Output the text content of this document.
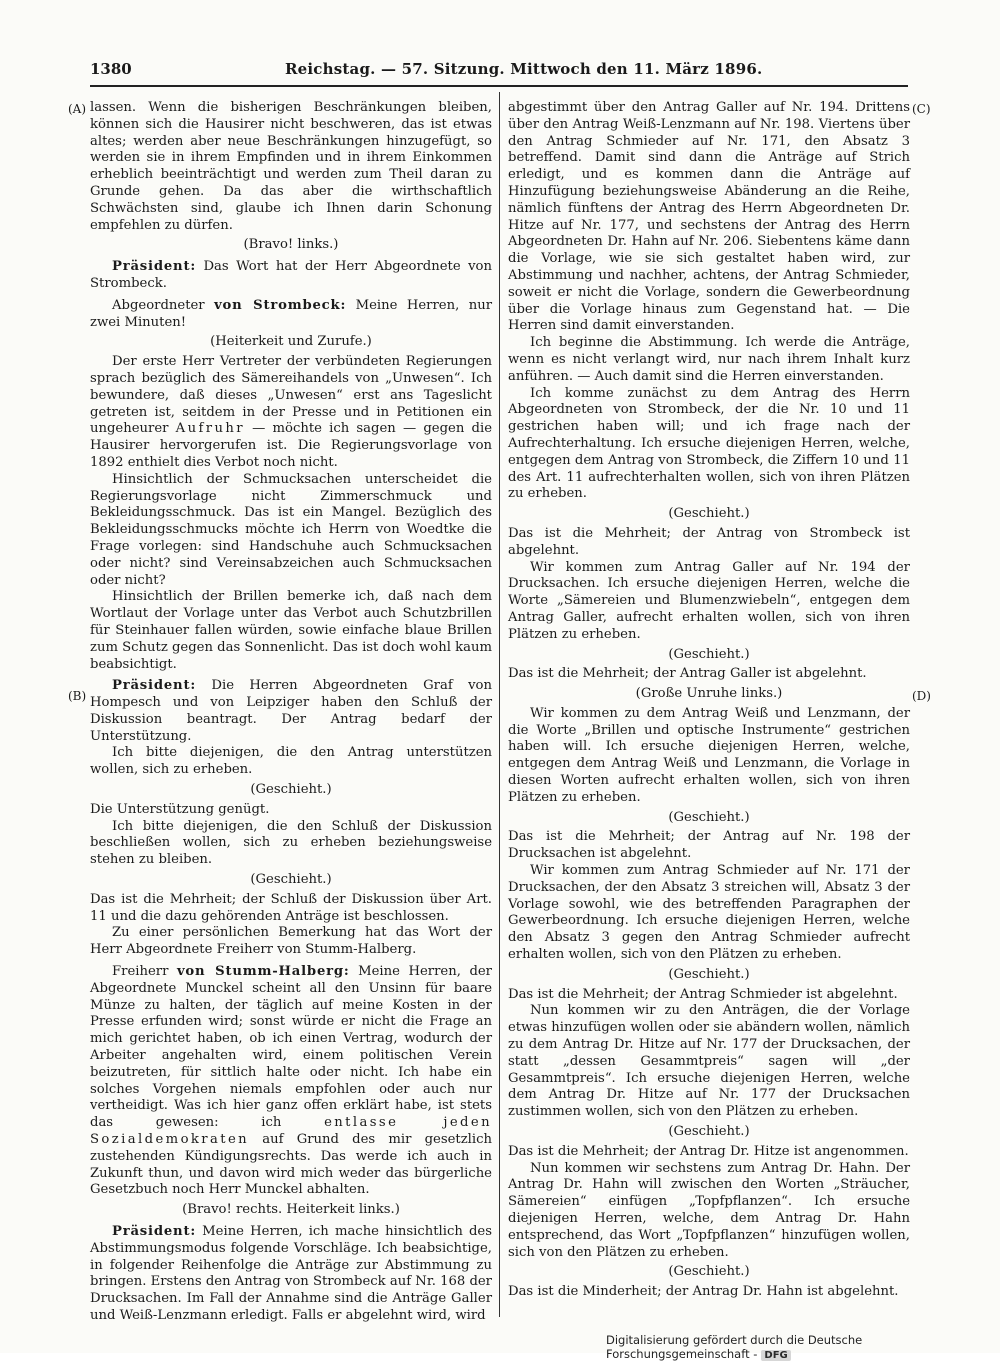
1380	Reichstag. — 57. Sitzung. Mittwoch den 11. März 1896.
(A)
(B)
(C)
(D)

lassen. Wenn die bisherigen Beschränkungen bleiben, können sich die Hausirer nicht beschweren, das ist etwas altes; werden aber neue Beschränkungen hinzugefügt, so werden sie in ihrem Empfinden und in ihrem Einkommen erheblich beeinträchtigt und werden zum Theil daran zu Grunde gehen. Da das aber die wirthschaftlich Schwächsten sind, glaube ich Ihnen darin Schonung empfehlen zu dürfen.

(Bravo! links.)

Präsident: Das Wort hat der Herr Abgeordnete von Strombeck.

Abgeordneter von Strombeck: Meine Herren, nur zwei Minuten!

(Heiterkeit und Zurufe.)

Der erste Herr Vertreter der verbündeten Regierungen sprach bezüglich des Sämereihandels von „Unwesen“. Ich bewundere, daß dieses „Unwesen“ erst ans Tageslicht getreten ist, seitdem in der Presse und in Petitionen ein ungeheurer Aufruhr — möchte ich sagen — gegen die Hausirer hervorgerufen ist. Die Regierungsvorlage von 1892 enthielt dies Verbot noch nicht.

Hinsichtlich der Schmucksachen unterscheidet die Regierungsvorlage nicht Zimmerschmuck und Bekleidungsschmuck. Das ist ein Mangel. Bezüglich des Bekleidungsschmucks möchte ich Herrn von Woedtke die Frage vorlegen: sind Handschuhe auch Schmucksachen oder nicht? sind Vereinsabzeichen auch Schmucksachen oder nicht?

Hinsichtlich der Brillen bemerke ich, daß nach dem Wortlaut der Vorlage unter das Verbot auch Schutzbrillen für Steinhauer fallen würden, sowie einfache blaue Brillen zum Schutz gegen das Sonnenlicht. Das ist doch wohl kaum beabsichtigt.

Präsident: Die Herren Abgeordneten Graf von Hompesch und von Leipziger haben den Schluß der Diskussion beantragt. Der Antrag bedarf der Unterstützung.

Ich bitte diejenigen, die den Antrag unterstützen wollen, sich zu erheben.

(Geschieht.)

Die Unterstützung genügt.

Ich bitte diejenigen, die den Schluß der Diskussion beschließen wollen, sich zu erheben beziehungsweise stehen zu bleiben.

(Geschieht.)

Das ist die Mehrheit; der Schluß der Diskussion über Art. 11 und die dazu gehörenden Anträge ist beschlossen.

Zu einer persönlichen Bemerkung hat das Wort der Herr Abgeordnete Freiherr von Stumm-Halberg.

Freiherr von Stumm-Halberg: Meine Herren, der Abgeordnete Munckel scheint all den Unsinn für baare Münze zu halten, der täglich auf meine Kosten in der Presse erfunden wird; sonst würde er nicht die Frage an mich gerichtet haben, ob ich einen Vertrag, wodurch der Arbeiter angehalten wird, einem politischen Verein beizutreten, für sittlich halte oder nicht. Ich habe ein solches Vorgehen niemals empfohlen oder auch nur vertheidigt. Was ich hier ganz offen erklärt habe, ist stets das gewesen: ich entlasse jeden Sozialdemokraten auf Grund des mir gesetzlich zustehenden Kündigungsrechts. Das werde ich auch in Zukunft thun, und davon wird mich weder das bürgerliche Gesetzbuch noch Herr Munckel abhalten.

(Bravo! rechts. Heiterkeit links.)

Präsident: Meine Herren, ich mache hinsichtlich des Abstimmungsmodus folgende Vorschläge. Ich beabsichtige, in folgender Reihenfolge die Anträge zur Abstimmung zu bringen. Erstens den Antrag von Strombeck auf Nr. 168 der Drucksachen. Im Fall der Annahme sind die Anträge Galler und Weiß-Lenzmann erledigt. Falls er abgelehnt wird, wird

abgestimmt über den Antrag Galler auf Nr. 194. Drittens über den Antrag Weiß-Lenzmann auf Nr. 198. Viertens über den Antrag Schmieder auf Nr. 171, den Absatz 3 betreffend. Damit sind dann die Anträge auf Strich erledigt, und es kommen dann die Anträge auf Hinzufügung beziehungsweise Abänderung an die Reihe, nämlich fünftens der Antrag des Herrn Abgeordneten Dr. Hitze auf Nr. 177, und sechstens der Antrag des Herrn Abgeordneten Dr. Hahn auf Nr. 206. Siebentens käme dann die Vorlage, wie sie sich gestaltet haben wird, zur Abstimmung und nachher, achtens, der Antrag Schmieder, soweit er nicht die Vorlage, sondern die Gewerbeordnung über die Vorlage hinaus zum Gegenstand hat. — Die Herren sind damit einverstanden.

Ich beginne die Abstimmung. Ich werde die Anträge, wenn es nicht verlangt wird, nur nach ihrem Inhalt kurz anführen. — Auch damit sind die Herren einverstanden.

Ich komme zunächst zu dem Antrag des Herrn Abgeordneten von Strombeck, der die Nr. 10 und 11 gestrichen haben will; und ich frage nach der Aufrechterhaltung. Ich ersuche diejenigen Herren, welche, entgegen dem Antrag von Strombeck, die Ziffern 10 und 11 des Art. 11 aufrechterhalten wollen, sich von ihren Plätzen zu erheben.

(Geschieht.)

Das ist die Mehrheit; der Antrag von Strombeck ist abgelehnt.

Wir kommen zum Antrag Galler auf Nr. 194 der Drucksachen. Ich ersuche diejenigen Herren, welche die Worte „Sämereien und Blumenzwiebeln“, entgegen dem Antrag Galler, aufrecht erhalten wollen, sich von ihren Plätzen zu erheben.

(Geschieht.)

Das ist die Mehrheit; der Antrag Galler ist abgelehnt.

(Große Unruhe links.)

Wir kommen zu dem Antrag Weiß und Lenzmann, der die Worte „Brillen und optische Instrumente“ gestrichen haben will. Ich ersuche diejenigen Herren, welche, entgegen dem Antrag Weiß und Lenzmann, die Vorlage in diesen Worten aufrecht erhalten wollen, sich von ihren Plätzen zu erheben.

(Geschieht.)

Das ist die Mehrheit; der Antrag auf Nr. 198 der Drucksachen ist abgelehnt.

Wir kommen zum Antrag Schmieder auf Nr. 171 der Drucksachen, der den Absatz 3 streichen will, Absatz 3 der Vorlage sowohl, wie des betreffenden Paragraphen der Gewerbeordnung. Ich ersuche diejenigen Herren, welche den Absatz 3 gegen den Antrag Schmieder aufrecht erhalten wollen, sich von den Plätzen zu erheben.

(Geschieht.)

Das ist die Mehrheit; der Antrag Schmieder ist abgelehnt.

Nun kommen wir zu den Anträgen, die der Vorlage etwas hinzufügen wollen oder sie abändern wollen, nämlich zu dem Antrag Dr. Hitze auf Nr. 177 der Drucksachen, der statt „dessen Gesammtpreis“ sagen will „der Gesammtpreis“. Ich ersuche diejenigen Herren, welche dem Antrag Dr. Hitze auf Nr. 177 der Drucksachen zustimmen wollen, sich von den Plätzen zu erheben.

(Geschieht.)

Das ist die Mehrheit; der Antrag Dr. Hitze ist angenommen.

Nun kommen wir sechstens zum Antrag Dr. Hahn. Der Antrag Dr. Hahn will zwischen den Worten „Sträucher, Sämereien“ einfügen „Topfpflanzen“. Ich ersuche diejenigen Herren, welche, dem Antrag Dr. Hahn entsprechend, das Wort „Topfpflanzen“ hinzufügen wollen, sich von den Plätzen zu erheben.

(Geschieht.)

Das ist die Minderheit; der Antrag Dr. Hahn ist abgelehnt.

Digitalisierung gefördert durch die Deutsche Forschungsgemeinschaft - DFG
